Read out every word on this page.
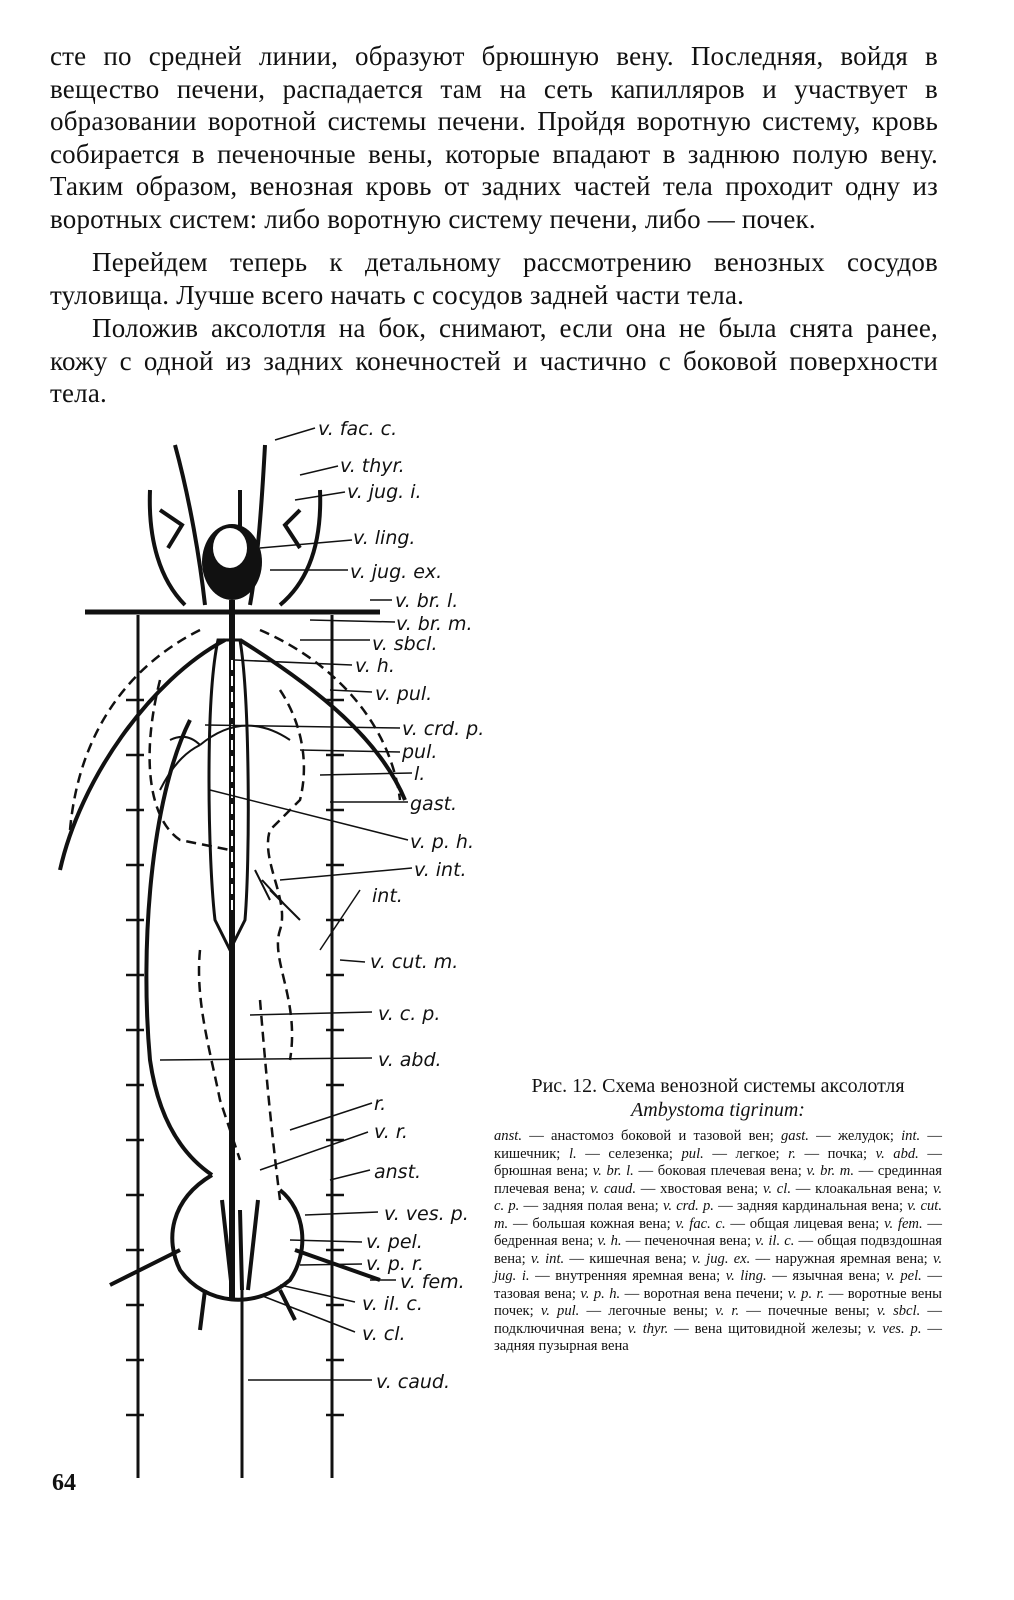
сте по средней линии, образуют брюшную вену. Последняя, войдя в вещество печени, распадается там на сеть капилляров и участвует в образовании воротной системы печени. Пройдя воротную систему, кровь собирается в печеночные вены, которые впадают в заднюю полую вену. Таким образом, венозная кровь от задних частей тела проходит одну из воротных систем: либо воротную систему печени, либо — почек.

Перейдем теперь к детальному рассмотрению венозных сосудов туловища. Лучше всего начать с сосудов задней части тела.

Положив аксолотля на бок, снимают, если она не была снята ранее, кожу с одной из задних конечностей и частично с боковой поверхности тела.

v. fac. c.
v. thyr.
v. jug. i.
v. ling.
v. jug. ex.
v. br. l.
v. br. m.
v. sbcl.
v. h.
v. pul.
v. crd. p.
pul.
l.
gast.
v. p. h.
v. int.
int.
v. cut. m.
v. c. p.
v. abd.
r.
v. r.
anst.
v. ves. p.
v. pel.
v. p. r.
v. fem.
v. il. c.
v. cl.
v. caud.
Рис. 12. Схема венозной системы аксолотля Ambystoma tigrinum:

anst. — анастомоз боковой и тазовой вен; gast. — желудок; int. — кишечник; l. — селезенка; pul. — легкое; r. — почка; v. abd. — брюшная вена; v. br. l. — боковая плечевая вена; v. br. m. — срединная плечевая вена; v. caud. — хвостовая вена; v. cl. — клоакальная вена; v. c. p. — задняя полая вена; v. crd. p. — задняя кардинальная вена; v. cut. m. — большая кожная вена; v. fac. c. — общая лицевая вена; v. fem. — бедренная вена; v. h. — печеночная вена; v. il. c. — общая подвздошная вена; v. int. — кишечная вена; v. jug. ex. — наружная яремная вена; v. jug. i. — внутренняя яремная вена; v. ling. — язычная вена; v. pel. — тазовая вена; v. p. h. — воротная вена печени; v. p. r. — воротные вены почек; v. pul. — легочные вены; v. r. — почечные вены; v. sbcl. — подключичная вена; v. thyr. — вена щитовидной железы; v. ves. p. — задняя пузырная вена

64
